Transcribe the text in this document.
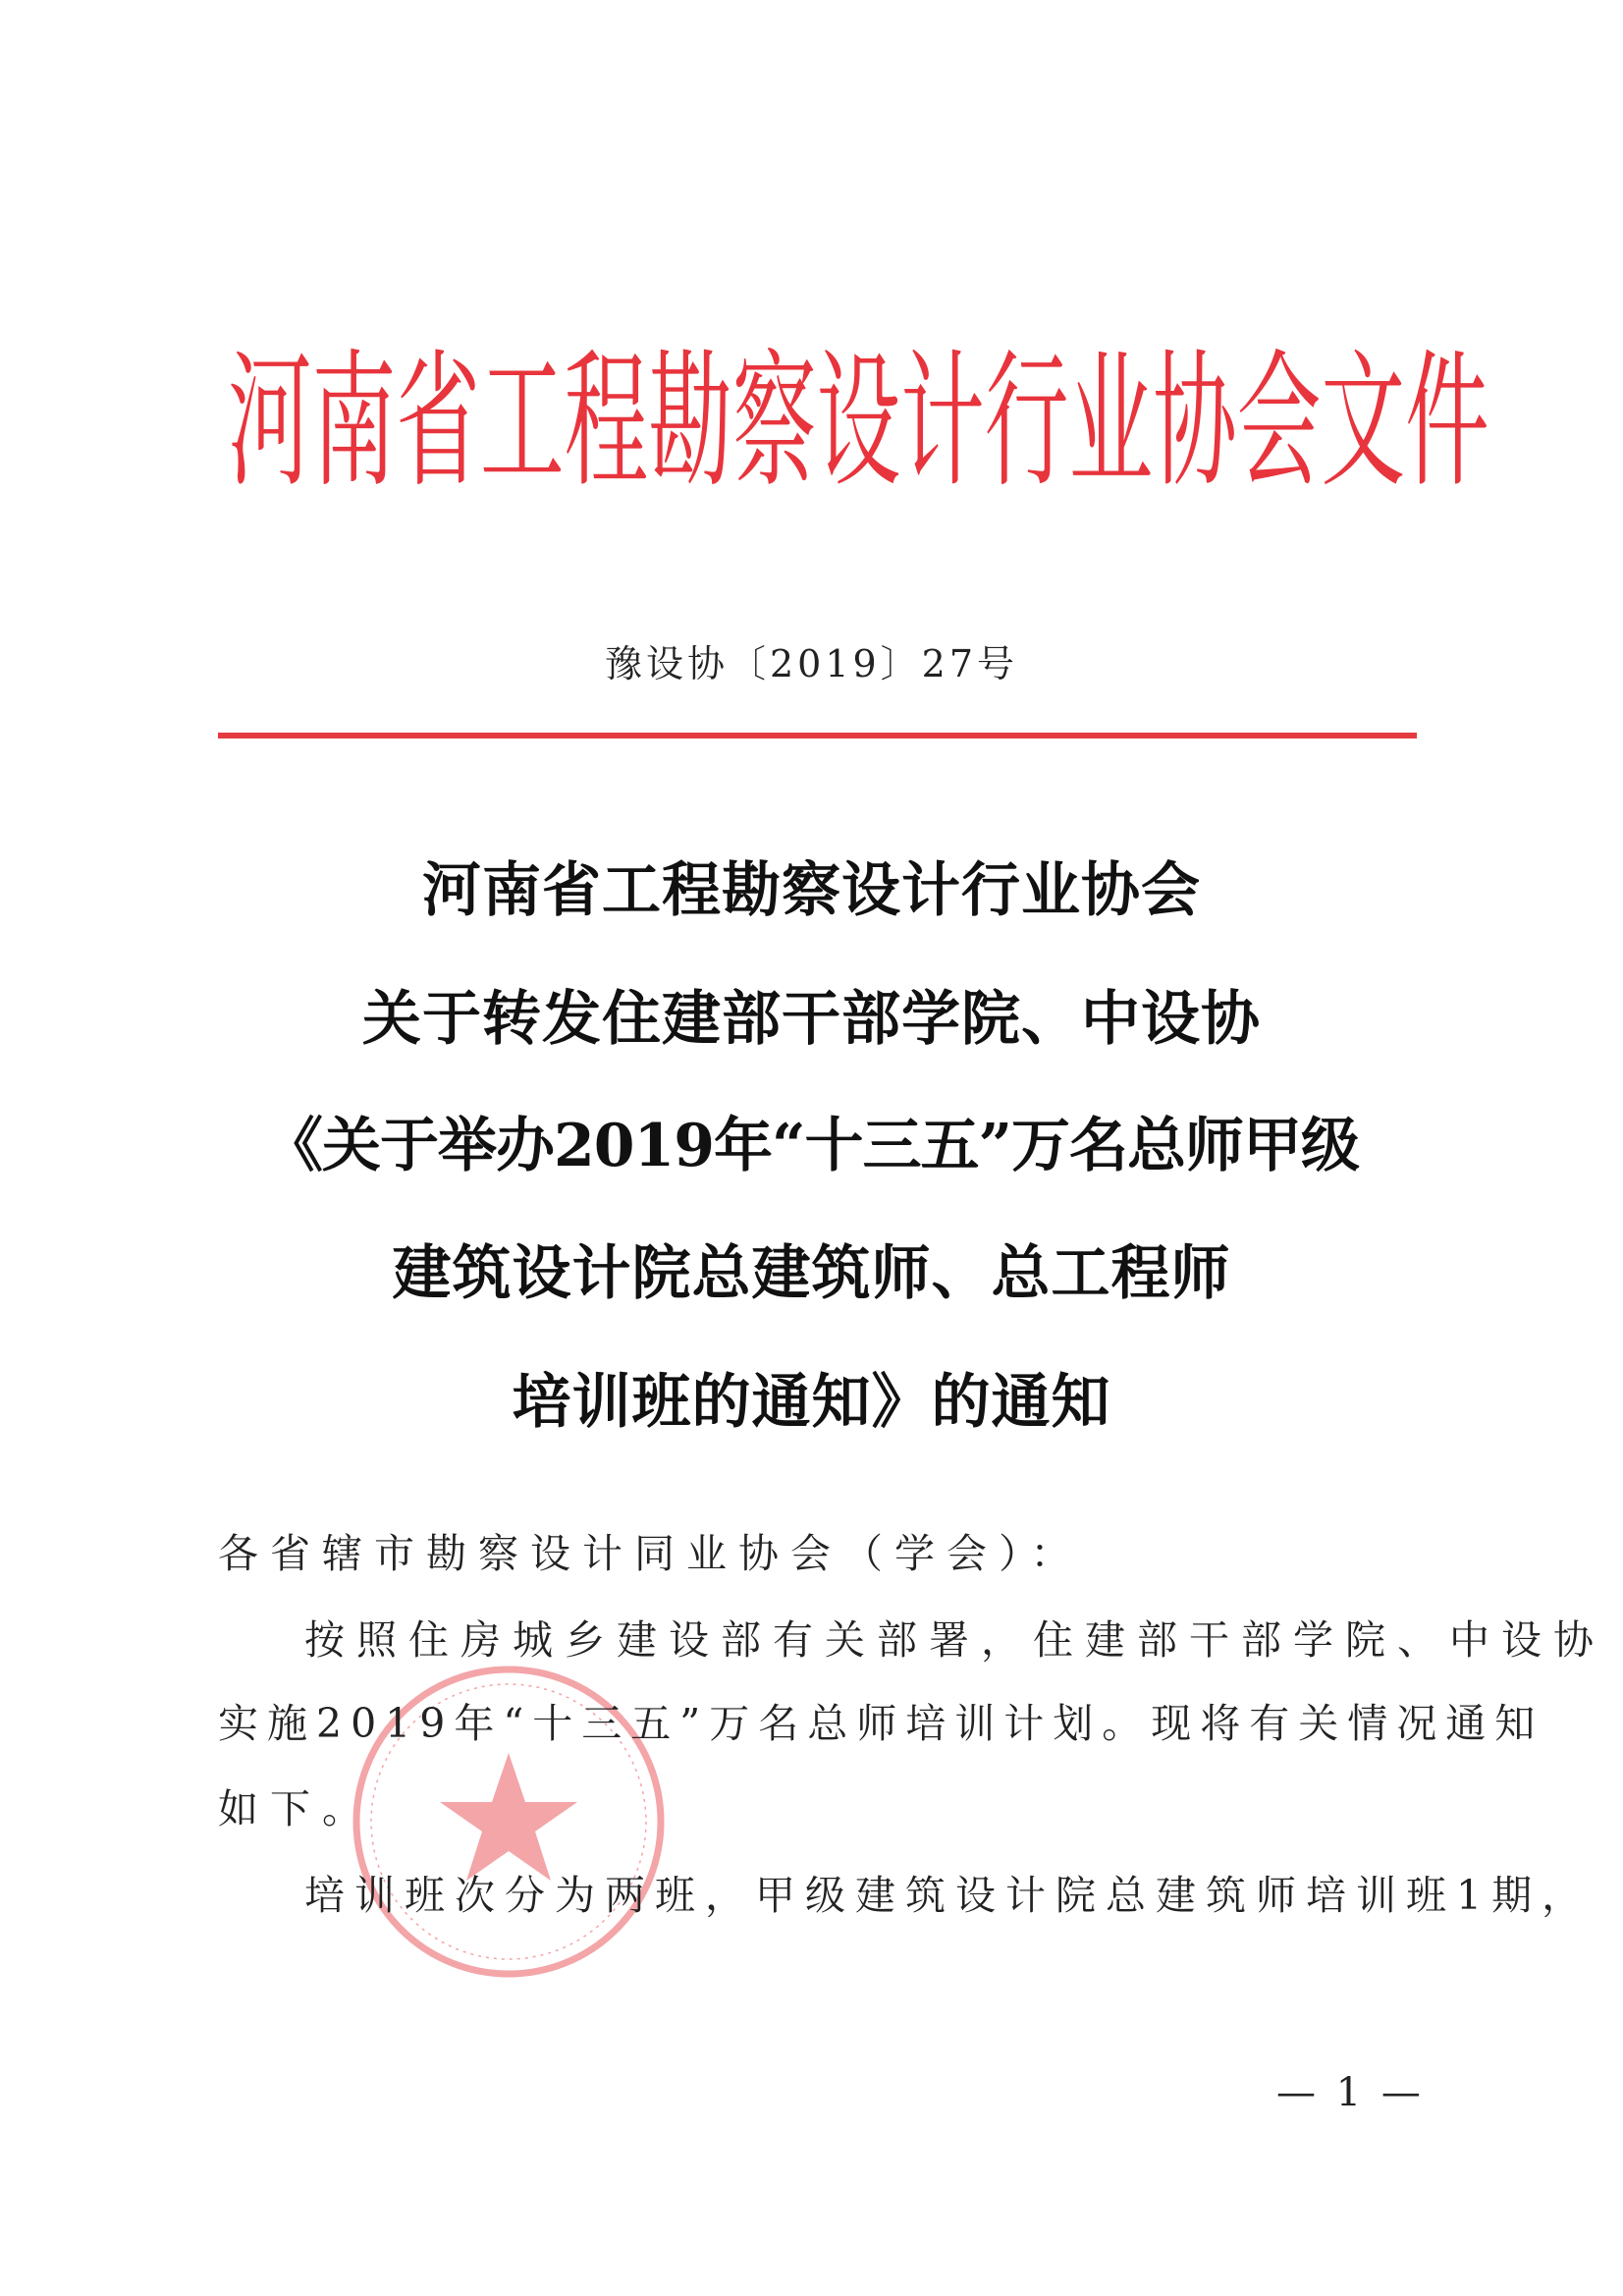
河南省工程勘察设计行业协会文件
豫设协〔2019〕27号
河南省工程勘察设计行业协会
关于转发住建部干部学院、中设协
《关于举办2019年“十三五”万名总师甲级
建筑设计院总建筑师、总工程师
培训班的通知》的通知
各省辖市勘察设计同业协会（学会）：
按照住房城乡建设部有关部署，住建部干部学院、中设协
实施2019年“十三五”万名总师培训计划。现将有关情况通知
如下。
培训班次分为两班，甲级建筑设计院总建筑师培训班1期，
— 1 —
